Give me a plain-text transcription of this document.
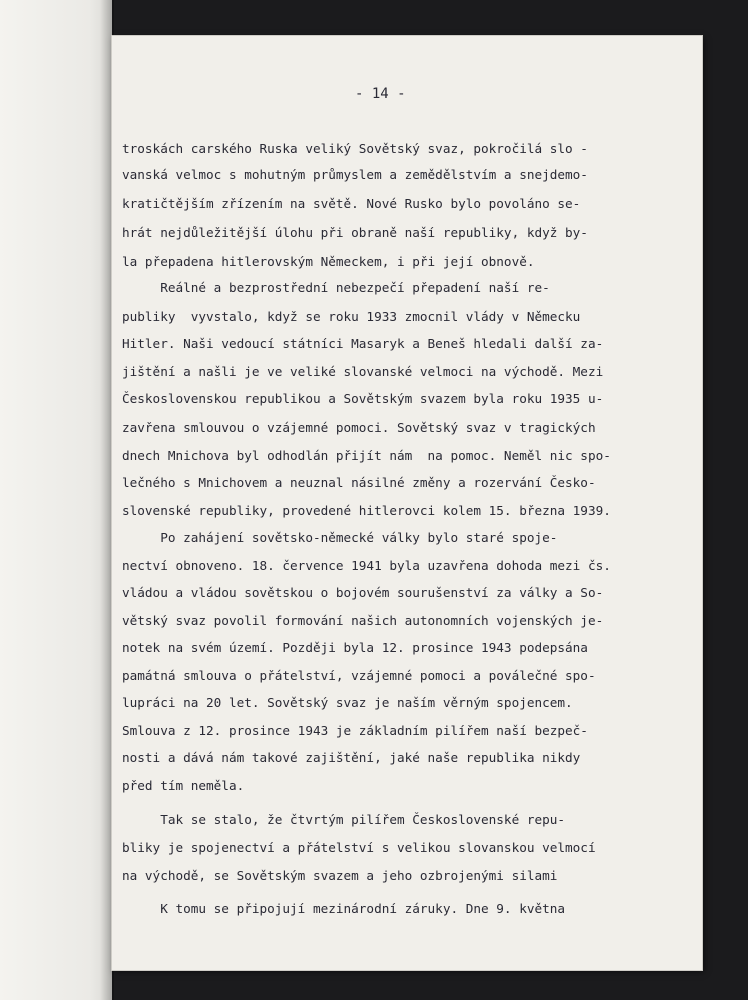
- 14 -
troskách carského Ruska veliký Sovětský svaz, pokročilá slo -
vanská velmoc s mohutným průmyslem a zemědělstvím a snejdemo-
kratičtějším zřízením na světě. Nové Rusko bylo povoláno se-
hrát nejdůležitější úlohu při obraně naší republiky, když by-
la přepadena hitlerovským Německem, i při její obnově.
Reálné a bezprostřední nebezpečí přepadení naší re-
publiky  vyvstalo, když se roku 1933 zmocnil vlády v Německu
Hitler. Naši vedoucí státníci Masaryk a Beneš hledali další za-
jištění a našli je ve veliké slovanské velmoci na východě. Mezi
Československou republikou a Sovětským svazem byla roku 1935 u-
zavřena smlouvou o vzájemné pomoci. Sovětský svaz v tragických
dnech Mnichova byl odhodlán přijít nám  na pomoc. Neměl nic spo-
lečného s Mnichovem a neuznal násilné změny a rozervání Česko-
slovenské republiky, provedené hitlerovci kolem 15. března 1939.
Po zahájení sovětsko-německé války bylo staré spoje-
nectví obnoveno. 18. července 1941 byla uzavřena dohoda mezi čs.
vládou a vládou sovětskou o bojovém sourušenství za války a So-
větský svaz povolil formování našich autonomních vojenských je-
notek na svém území. Později byla 12. prosince 1943 podepsána
památná smlouva o přátelství, vzájemné pomoci a poválečné spo-
lupráci na 20 let. Sovětský svaz je naším věrným spojencem.
Smlouva z 12. prosince 1943 je základním pilířem naší bezpeč-
nosti a dává nám takové zajištění, jaké naše republika nikdy
před tím neměla.
Tak se stalo, že čtvrtým pilířem Československé repu-
bliky je spojenectví a přátelství s velikou slovanskou velmocí
na východě, se Sovětským svazem a jeho ozbrojenými silami
K tomu se připojují mezinárodní záruky. Dne 9. května
